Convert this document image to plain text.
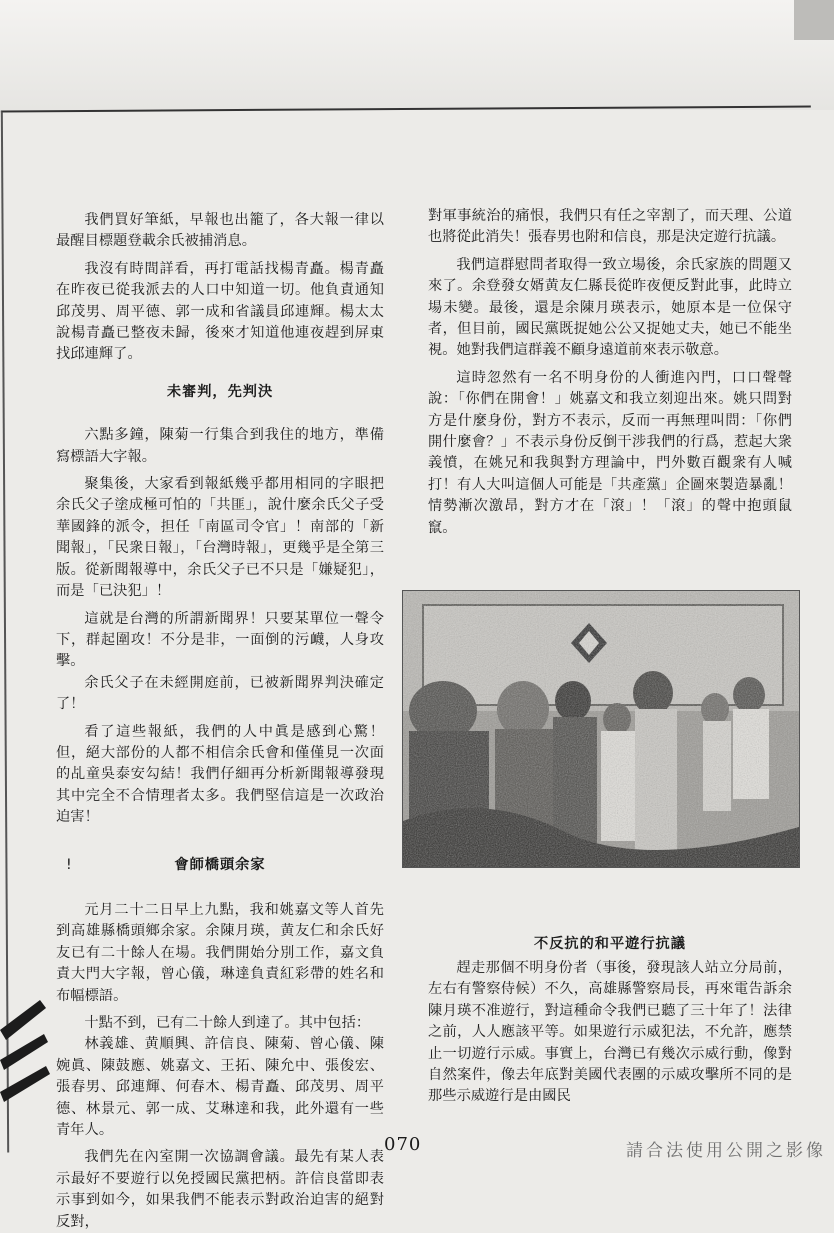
我們買好筆紙，早報也出籠了，各大報一律以最醒目標題登載余氏被捕消息。

我沒有時間詳看，再打電話找楊青矗。楊青矗在昨夜已從我派去的人口中知道一切。他負責通知邱茂男、周平德、郭一成和省議員邱連輝。楊太太說楊青矗已整夜未歸，後來才知道他連夜趕到屏東找邱連輝了。

未審判，先判決

六點多鐘，陳菊一行集合到我住的地方，準備寫標語大字報。

聚集後，大家看到報紙幾乎都用相同的字眼把余氏父子塗成極可怕的「共匪」，說什麼余氏父子受華國鋒的派令，担任「南區司令官」！南部的「新聞報」，「民衆日報」，「台灣時報」，更幾乎是全第三版。從新聞報導中，余氏父子已不只是「嫌疑犯」，而是「已決犯」！

這就是台灣的所謂新聞界！只要某單位一聲令下，群起圍攻！不分是非，一面倒的污衊，人身攻擊。

余氏父子在未經開庭前，已被新聞界判決確定了！

看了這些報紙，我們的人中眞是感到心驚！但，絕大部份的人都不相信余氏會和僅僅見一次面的乩童吳泰安勾結！我們仔細再分析新聞報導發現其中完全不合情理者太多。我們堅信這是一次政治迫害！

!	會師橋頭余家

元月二十二日早上九點，我和姚嘉文等人首先到高雄縣橋頭鄉余家。余陳月瑛，黄友仁和余氏好友已有二十餘人在場。我們開始分別工作，嘉文負責大門大字報，曾心儀，琳達負責紅彩帶的姓名和布幅標語。

十點不到，已有二十餘人到達了。其中包括：

林義雄、黄順興、許信良、陳菊、曾心儀、陳婉眞、陳鼓應、姚嘉文、王拓、陳允中、張俊宏、張春男、邱連輝、何春木、楊青矗、邱茂男、周平德、林景元、郭一成、艾琳達和我，此外還有一些青年人。

我們先在內室開一次協調會議。最先有某人表示最好不要遊行以免授國民黨把柄。許信良當即表示事到如今，如果我們不能表示對政治迫害的絕對反對，

對軍事統治的痛恨，我們只有任之宰割了，而天理、公道也將從此消失！張春男也附和信良，那是決定遊行抗議。

我們這群慰問者取得一致立場後，余氏家族的問題又來了。余登發女婿黄友仁縣長從昨夜便反對此事，此時立場未變。最後，還是余陳月瑛表示，她原本是一位保守者，但目前，國民黨既捉她公公又捉她丈夫，她已不能坐視。她對我們這群義不顧身遠道前來表示敬意。

這時忽然有一名不明身份的人衝進內門，口口聲聲說：「你們在開會！」姚嘉文和我立刻迎出來。姚只問對方是什麼身份，對方不表示，反而一再無理叫問：「你們開什麼會？」不表示身份反倒干涉我們的行爲，惹起大衆義憤，在姚兄和我與對方理論中，門外數百觀衆有人喊打！有人大叫這個人可能是「共產黨」企圖來製造暴亂！情勢漸次激昂，對方才在「滾」！「滾」的聲中抱頭鼠竄。

不反抗的和平遊行抗議

趕走那個不明身份者（事後，發現該人站立分局前，左右有警察侍候）不久，高雄縣警察局長，再來電告訴余陳月瑛不准遊行，對這種命令我們已聽了三十年了！法律之前，人人應該平等。如果遊行示威犯法，不允許，應禁止一切遊行示威。事實上，台灣已有幾次示威行動，像對自然案件，像去年底對美國代表團的示威攻擊所不同的是那些示威遊行是由國民

070	請合法使用公開之影像
